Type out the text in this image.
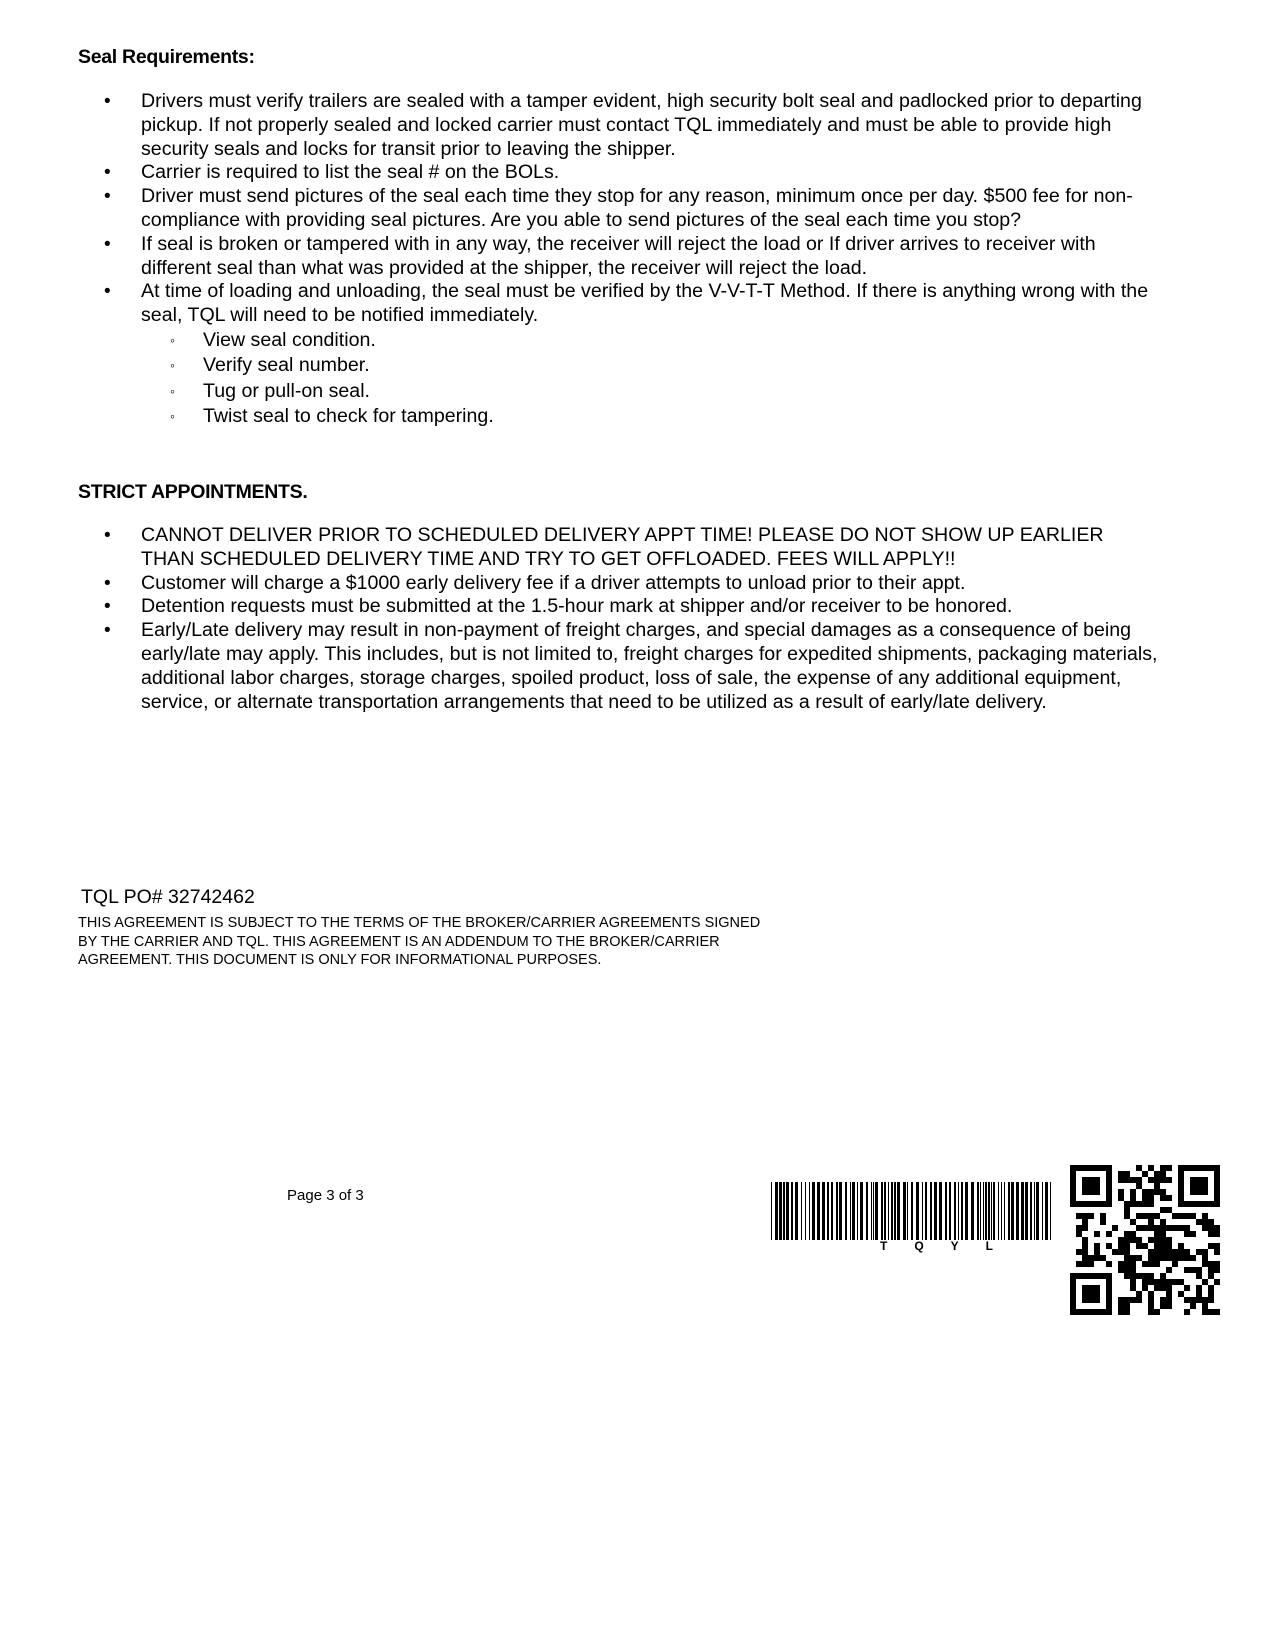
Seal Requirements:
• Drivers must verify trailers are sealed with a tamper evident, high security bolt seal and padlocked prior to departing pickup. If not properly sealed and locked carrier must contact TQL immediately and must be able to provide high security seals and locks for transit prior to leaving the shipper.
• Carrier is required to list the seal # on the BOLs.
• Driver must send pictures of the seal each time they stop for any reason, minimum once per day. $500 fee for non-compliance with providing seal pictures. Are you able to send pictures of the seal each time you stop?
• If seal is broken or tampered with in any way, the receiver will reject the load or If driver arrives to receiver with different seal than what was provided at the shipper, the receiver will reject the load.
• At time of loading and unloading, the seal must be verified by the V-V-T-T Method. If there is anything wrong with the seal, TQL will need to be notified immediately.
◦ View seal condition.
◦ Verify seal number.
◦ Tug or pull-on seal.
◦ Twist seal to check for tampering.
STRICT APPOINTMENTS.
• CANNOT DELIVER PRIOR TO SCHEDULED DELIVERY APPT TIME! PLEASE DO NOT SHOW UP EARLIER THAN SCHEDULED DELIVERY TIME AND TRY TO GET OFFLOADED. FEES WILL APPLY!!
• Customer will charge a $1000 early delivery fee if a driver attempts to unload prior to their appt.
• Detention requests must be submitted at the 1.5-hour mark at shipper and/or receiver to be honored.
• Early/Late delivery may result in non-payment of freight charges, and special damages as a consequence of being early/late may apply. This includes, but is not limited to, freight charges for expedited shipments, packaging materials, additional labor charges, storage charges, spoiled product, loss of sale, the expense of any additional equipment, service, or alternate transportation arrangements that need to be utilized as a result of early/late delivery.

TQL PO# 32742462

THIS AGREEMENT IS SUBJECT TO THE TERMS OF THE BROKER/CARRIER AGREEMENTS SIGNED BY THE CARRIER AND TQL. THIS AGREEMENT IS AN ADDENDUM TO THE BROKER/CARRIER AGREEMENT. THIS DOCUMENT IS ONLY FOR INFORMATIONAL PURPOSES.

Page 3 of 3

TQYL
